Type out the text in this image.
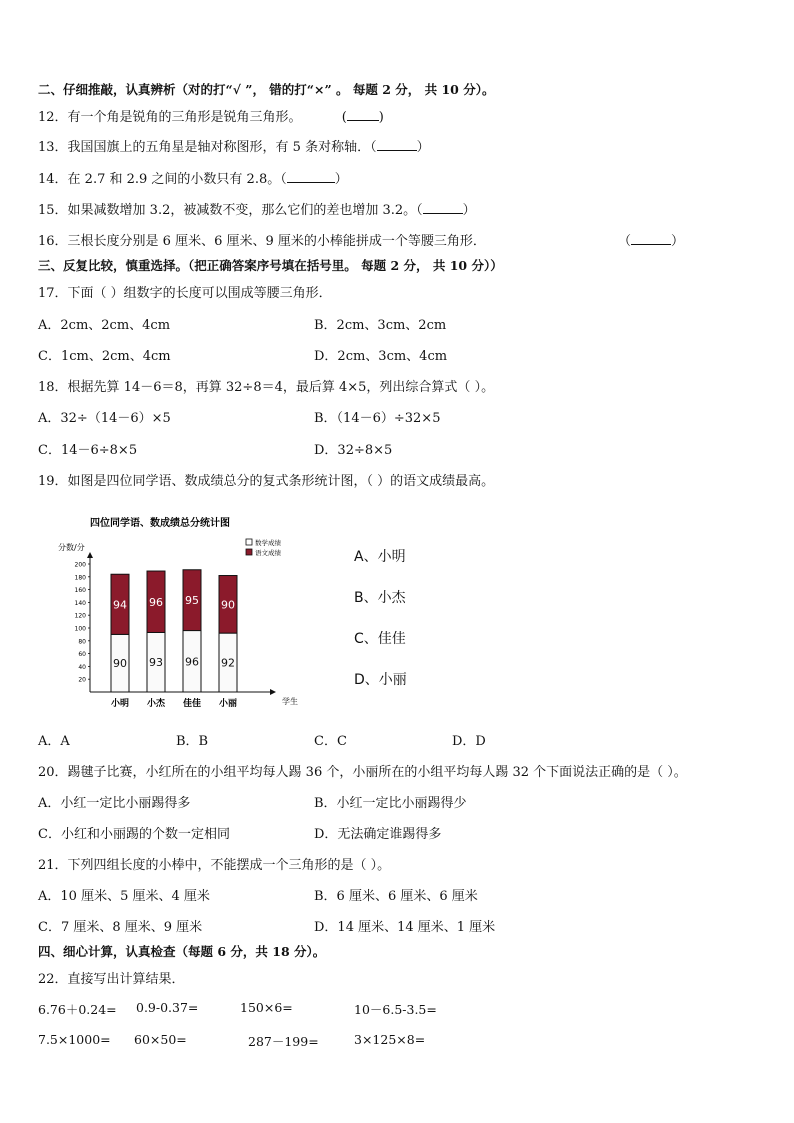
二、仔细推敲，认真辨析（对的打“√ ”， 错的打“×” 。 每题 2 分， 共 10 分）。
12．有一个角是锐角的三角形是锐角三角形。	( )
13．我国国旗上的五角星是轴对称图形，有 5 条对称轴．（	）
14．在 2.7 和 2.9 之间的小数只有 2.8。（	）
15．如果减数增加 3.2，被减数不变，那么它们的差也增加 3.2。（	）
16．三根长度分别是 6 厘米、6 厘米、9 厘米的小棒能拼成一个等腰三角形．	（	）
三、反复比较，慎重选择。（把正确答案序号填在括号里。 每题 2 分， 共 10 分））
17．下面（ ）组数字的长度可以围成等腰三角形．
A．2cm、2cm、4cm	B．2cm、3cm、2cm
C．1cm、2cm、4cm	D．2cm、3cm、4cm
18．根据先算 14－6＝8，再算 32÷8＝4，最后算 4×5，列出综合算式（ ）。
A．32÷（14－6）×5	B．（14－6）÷32×5
C．14－6÷8×5	D．32÷8×5
19．如图是四位同学语、数成绩总分的复式条形统计图，（ ）的语文成绩最高。
四位同学语、数成绩总分统计图
分数/分
学生
数学成绩
语文成绩
20
40
60
80
100
120
140
160
180
200
90
94
小明
93
96
小杰
96
95
佳佳
92
90
小丽
A、小明
B、小杰
C、佳佳
D、小丽
A．A	B．B	C．C	D．D
20．踢毽子比赛，小红所在的小组平均每人踢 36 个，小丽所在的小组平均每人踢 32 个下面说法正确的是（ ）。
A．小红一定比小丽踢得多	B．小红一定比小丽踢得少
C．小红和小丽踢的个数一定相同	D．无法确定谁踢得多
21．下列四组长度的小棒中，不能摆成一个三角形的是（ ）。
A．10 厘米、5 厘米、4 厘米	B．6 厘米、6 厘米、6 厘米
C．7 厘米、8 厘米、9 厘米	D．14 厘米、14 厘米、1 厘米
四、细心计算，认真检查（每题 6 分，共 18 分）。
22．直接写出计算结果．
6.76＋0.24= 0.9-0.37=	150×6=	10－6.5-3.5=
7.5×1000= 60×50=	287－199=	3×125×8=
